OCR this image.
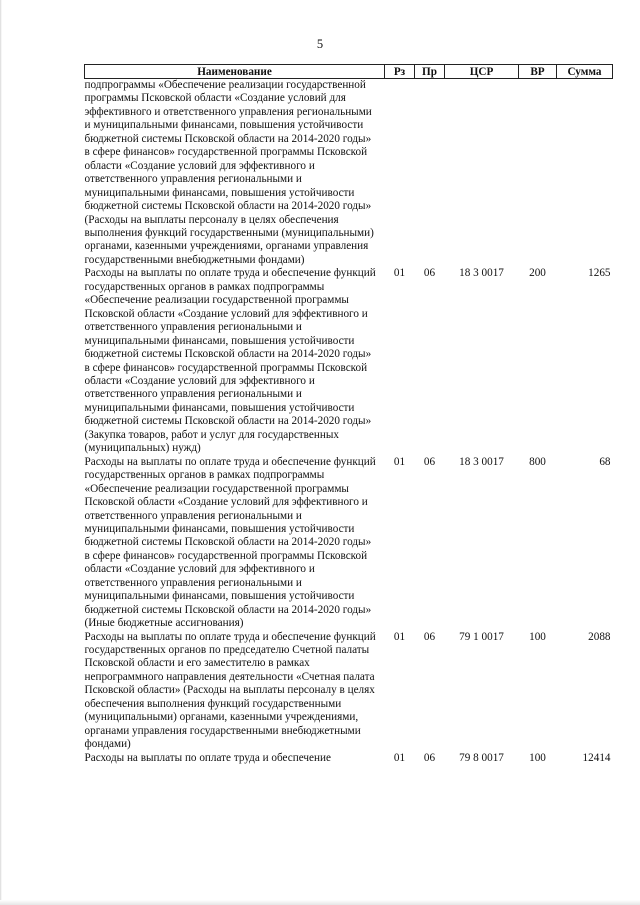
5
Наименование	Рз	Пр	ЦСР	ВР	Сумма
подпрограммы «Обеспечение реализации государственной программы Псковской области «Создание условий для эффективного и ответственного управления региональными и муниципальными финансами, повышения устойчивости бюджетной системы Псковской области на 2014-2020 годы» в сфере финансов» государственной программы Псковской области «Создание условий для эффективного и ответственного управления региональными и муниципальными финансами, повышения устойчивости бюджетной системы Псковской области на 2014-2020 годы» (Расходы на выплаты персоналу в целях обеспечения выполнения функций государственными (муниципальными) органами, казенными учреждениями, органами управления государственными внебюджетными фондами)					
Расходы на выплаты по оплате труда и обеспечение функций государственных органов в рамках подпрограммы «Обеспечение реализации государственной программы Псковской области «Создание условий для эффективного и ответственного управления региональными и муниципальными финансами, повышения устойчивости бюджетной системы Псковской области на 2014-2020 годы» в сфере финансов» государственной программы Псковской области «Создание условий для эффективного и ответственного управления региональными и муниципальными финансами, повышения устойчивости бюджетной системы Псковской области на 2014-2020 годы» (Закупка товаров, работ и услуг для государственных (муниципальных) нужд)	01	06	18 3 0017	200	1265
Расходы на выплаты по оплате труда и обеспечение функций государственных органов в рамках подпрограммы «Обеспечение реализации государственной программы Псковской области «Создание условий для эффективного и ответственного управления региональными и муниципальными финансами, повышения устойчивости бюджетной системы Псковской области на 2014-2020 годы» в сфере финансов» государственной программы Псковской области «Создание условий для эффективного и ответственного управления региональными и муниципальными финансами, повышения устойчивости бюджетной системы Псковской области на 2014-2020 годы» (Иные бюджетные ассигнования)	01	06	18 3 0017	800	68
Расходы на выплаты по оплате труда и обеспечение функций государственных органов по председателю Счетной палаты Псковской области и его заместителю в рамках непрограммного направления деятельности «Счетная палата Псковской области» (Расходы на выплаты персоналу в целях обеспечения выполнения функций государственными (муниципальными) органами, казенными учреждениями, органами управления государственными внебюджетными фондами)	01	06	79 1 0017	100	2088
Расходы на выплаты по оплате труда и обеспечение	01	06	79 8 0017	100	12414
